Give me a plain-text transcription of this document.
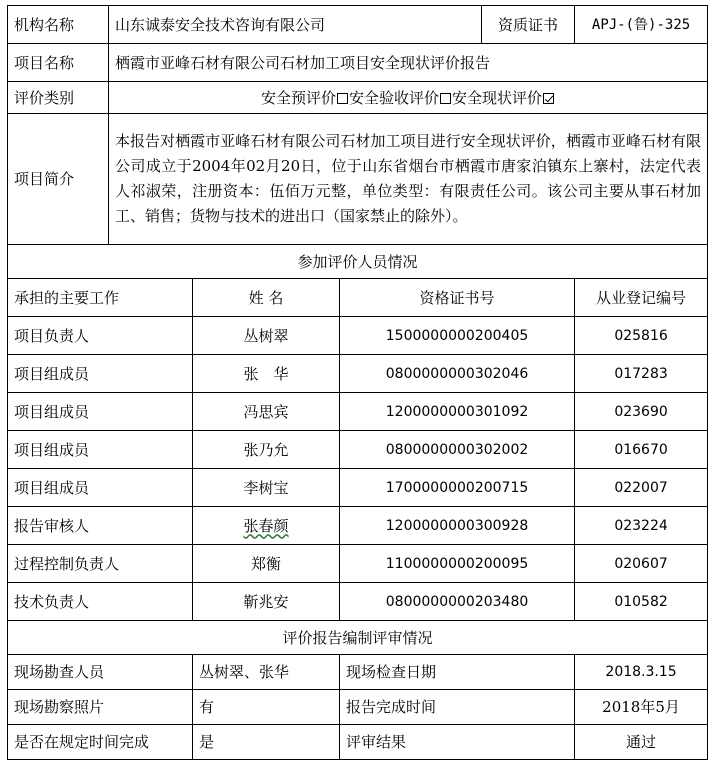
机构名称	山东诚泰安全技术咨询有限公司			资质证书	APJ-(鲁)-325
项目名称	栖霞市亚峰石材有限公司石材加工项目安全现状评价报告				
评价类别	安全预评价 安全验收评价 安全现状评价				
项目简介	本报告对栖霞市亚峰石材有限公司石材加工项目进行安全现状评价，栖霞市亚峰石材有限公司成立于2004年02月20日，位于山东省烟台市栖霞市唐家泊镇东上寨村，法定代表人祁淑荣，注册资本：伍佰万元整，单位类型：有限责任公司。该公司主要从事石材加工、销售；货物与技术的进出口（国家禁止的除外）。				
参加评价人员情况					
承担的主要工作		姓 名	资格证书号		从业登记编号
项目负责人		丛树翠	1500000000200405		025816
项目组成员		张　华	0800000000302046		017283
项目组成员		冯思宾	1200000000301092		023690
项目组成员		张乃允	0800000000302002		016670
项目组成员		李树宝	1700000000200715		022007
报告审核人		张春颜	1200000000300928		023224
过程控制负责人		郑衡	1100000000200095		020607
技术负责人		靳兆安	0800000000203480		010582
评价报告编制评审情况					
现场勘查人员		丛树翠、张华	现场检查日期		2018.3.15
现场勘察照片		有	报告完成时间		2018年5月
是否在规定时间完成		是	评审结果		通过
